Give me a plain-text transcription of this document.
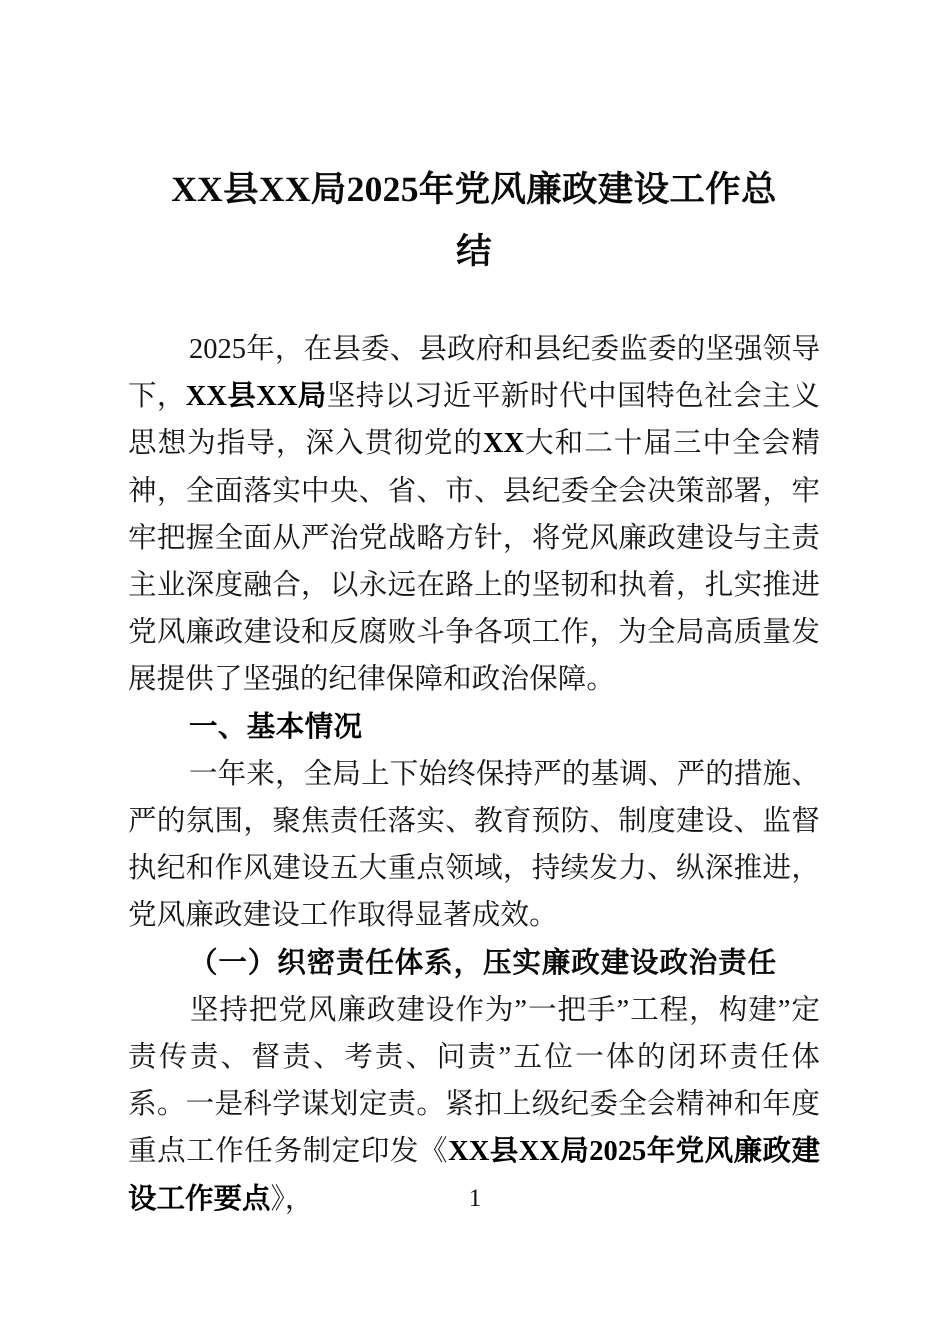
XX县XX局2025年党风廉政建设工作总
结

2025年，在县委、县政府和县纪委监委的坚强领导下，XX县XX局坚持以习近平新时代中国特色社会主义思想为指导，深入贯彻党的XX大和二十届三中全会精神，全面落实中央、省、市、县纪委全会决策部署，牢牢把握全面从严治党战略方针，将党风廉政建设与主责主业深度融合，以永远在路上的坚韧和执着，扎实推进党风廉政建设和反腐败斗争各项工作，为全局高质量发展提供了坚强的纪律保障和政治保障。

一、基本情况

一年来，全局上下始终保持严的基调、严的措施、严的氛围，聚焦责任落实、教育预防、制度建设、监督执纪和作风建设五大重点领域，持续发力、纵深推进，党风廉政建设工作取得显著成效。

（一）织密责任体系，压实廉政建设政治责任

坚持把党风廉政建设作为”一把手”工程，构建”定责传责、督责、考责、问责”五位一体的闭环责任体系。一是科学谋划定责。紧扣上级纪委全会精神和年度重点工作任务制定印发《XX县XX局2025年党风廉政建设工作要点》，	1
